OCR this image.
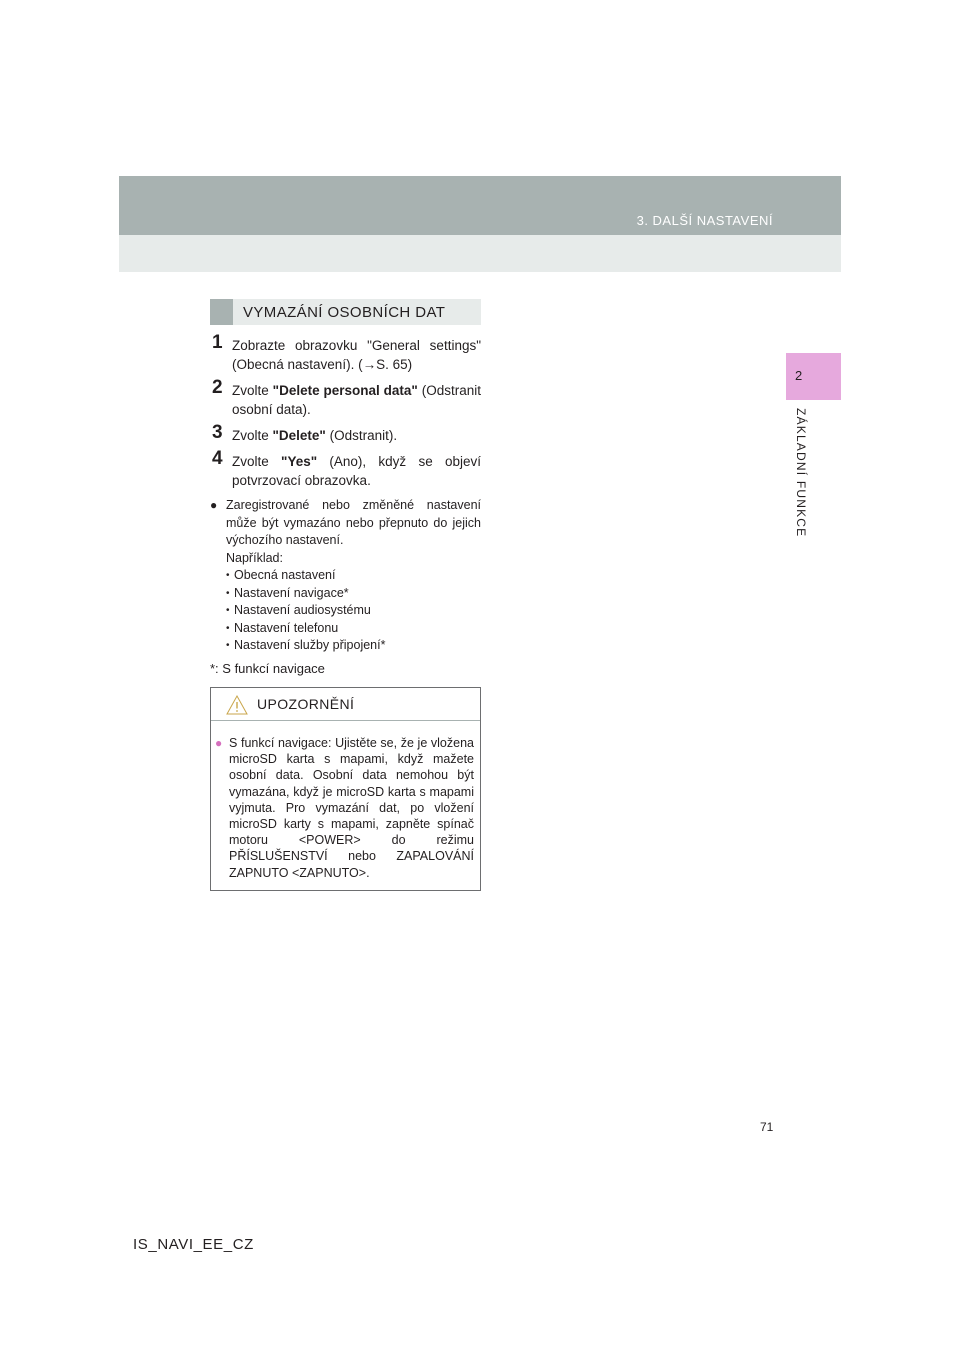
3. DALŠÍ NASTAVENÍ
2
ZÁKLADNÍ FUNKCE
VYMAZÁNÍ OSOBNÍCH DAT
1 Zobrazte obrazovku "General settings" (Obecná nastavení). (→S. 65)
2 Zvolte "Delete personal data" (Odstranit osobní data).
3 Zvolte "Delete" (Odstranit).
4 Zvolte "Yes" (Ano), když se objeví potvrzovací obrazovka.
● Zaregistrované nebo změněné nastavení může být vymazáno nebo přepnuto do jejich výchozího nastavení.
Například:
• Obecná nastavení
• Nastavení navigace*
• Nastavení audiosystému
• Nastavení telefonu
• Nastavení služby připojení*
*: S funkcí navigace
UPOZORNĚNÍ
● S funkcí navigace: Ujistěte se, že je vložena microSD karta s mapami, když mažete osobní data. Osobní data nemohou být vymazána, když je microSD karta s mapami vyjmuta. Pro vymazání dat, po vložení microSD karty s mapami, zapněte spínač motoru <POWER> do režimu PŘÍSLUŠENSTVÍ nebo ZAPALOVÁNÍ ZAPNUTO <ZAPNUTO>.
71
IS_NAVI_EE_CZ
